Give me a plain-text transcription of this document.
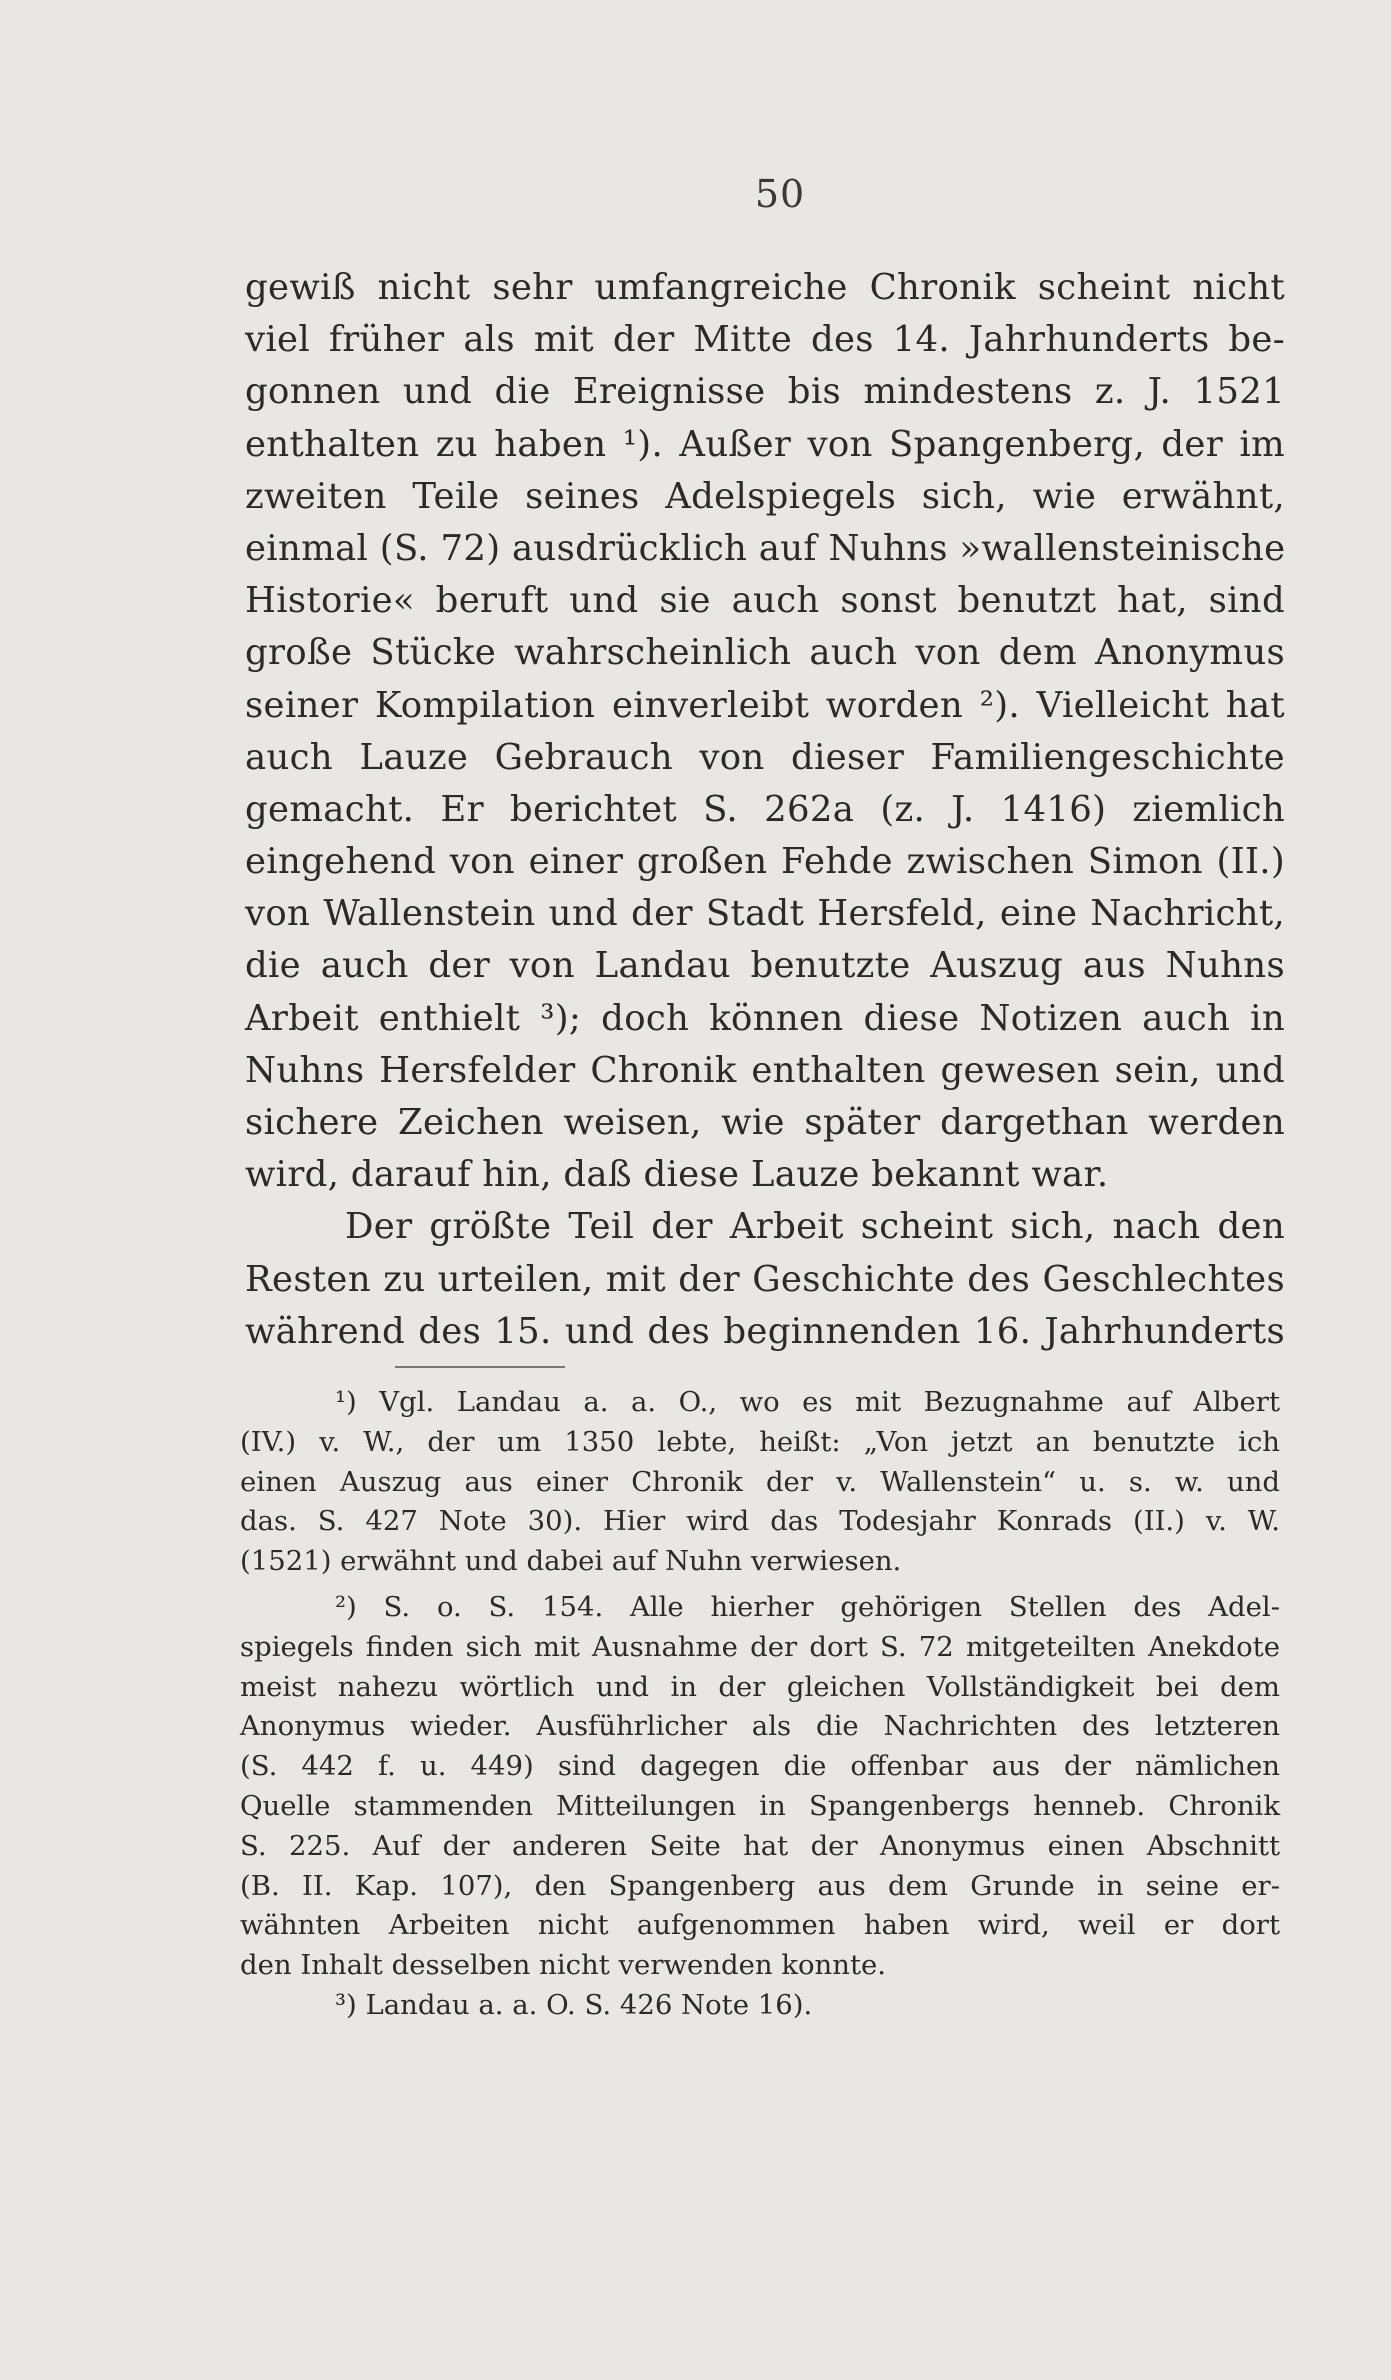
50
gewiß nicht sehr umfangreiche Chronik scheint nicht
viel früher als mit der Mitte des 14. Jahrhunderts be-
gonnen und die Ereignisse bis mindestens z. J. 1521
enthalten zu haben ¹). Außer von Spangenberg, der im
zweiten Teile seines Adelspiegels sich, wie erwähnt,
einmal (S. 72) ausdrücklich auf Nuhns »wallensteinische
Historie« beruft und sie auch sonst benutzt hat, sind
große Stücke wahrscheinlich auch von dem Anonymus
seiner Kompilation einverleibt worden ²). Vielleicht hat
auch Lauze Gebrauch von dieser Familiengeschichte
gemacht. Er berichtet S. 262a (z. J. 1416) ziemlich
eingehend von einer großen Fehde zwischen Simon (II.)
von Wallenstein und der Stadt Hersfeld, eine Nachricht,
die auch der von Landau benutzte Auszug aus Nuhns
Arbeit enthielt ³); doch können diese Notizen auch in
Nuhns Hersfelder Chronik enthalten gewesen sein, und
sichere Zeichen weisen, wie später dargethan werden
wird, darauf hin, daß diese Lauze bekannt war.
Der größte Teil der Arbeit scheint sich, nach den
Resten zu urteilen, mit der Geschichte des Geschlechtes
während des 15. und des beginnenden 16. Jahrhunderts
¹) Vgl. Landau a. a. O., wo es mit Bezugnahme auf Albert
(IV.) v. W., der um 1350 lebte, heißt: „Von jetzt an benutzte ich
einen Auszug aus einer Chronik der v. Wallenstein“ u. s. w. und
das. S. 427 Note 30). Hier wird das Todesjahr Konrads (II.) v. W.
(1521) erwähnt und dabei auf Nuhn verwiesen.
²) S. o. S. 154. Alle hierher gehörigen Stellen des Adel-
spiegels finden sich mit Ausnahme der dort S. 72 mitgeteilten Anekdote
meist nahezu wörtlich und in der gleichen Vollständigkeit bei dem
Anonymus wieder. Ausführlicher als die Nachrichten des letzteren
(S. 442 f. u. 449) sind dagegen die offenbar aus der nämlichen
Quelle stammenden Mitteilungen in Spangenbergs henneb. Chronik
S. 225. Auf der anderen Seite hat der Anonymus einen Abschnitt
(B. II. Kap. 107), den Spangenberg aus dem Grunde in seine er-
wähnten Arbeiten nicht aufgenommen haben wird, weil er dort
den Inhalt desselben nicht verwenden konnte.
³) Landau a. a. O. S. 426 Note 16).
